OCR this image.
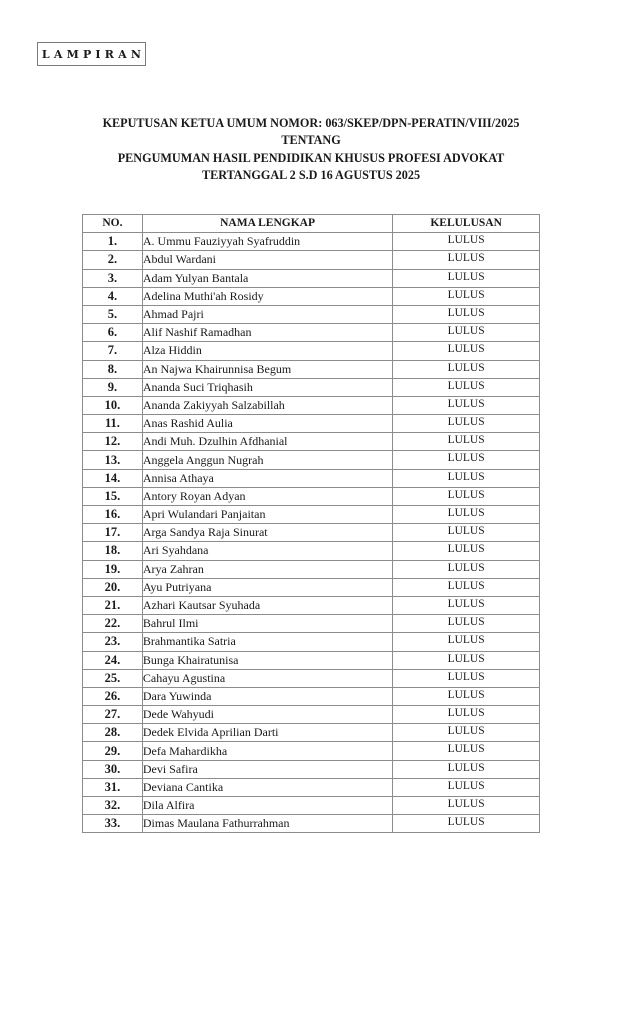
LAMPIRAN
KEPUTUSAN KETUA UMUM NOMOR: 063/SKEP/DPN-PERATIN/VIII/2025
TENTANG
PENGUMUMAN HASIL PENDIDIKAN KHUSUS PROFESI ADVOKAT
TERTANGGAL 2 S.D 16 AGUSTUS 2025
NO.	NAMA LENGKAP	KELULUSAN
1.	A. Ummu Fauziyyah Syafruddin	LULUS
2.	Abdul Wardani	LULUS
3.	Adam Yulyan Bantala	LULUS
4.	Adelina Muthi'ah Rosidy	LULUS
5.	Ahmad Pajri	LULUS
6.	Alif Nashif Ramadhan	LULUS
7.	Alza Hiddin	LULUS
8.	An Najwa Khairunnisa Begum	LULUS
9.	Ananda Suci Triqhasih	LULUS
10.	Ananda Zakiyyah Salzabillah	LULUS
11.	Anas Rashid Aulia	LULUS
12.	Andi Muh. Dzulhin Afdhanial	LULUS
13.	Anggela Anggun Nugrah	LULUS
14.	Annisa Athaya	LULUS
15.	Antory Royan Adyan	LULUS
16.	Apri Wulandari Panjaitan	LULUS
17.	Arga Sandya Raja Sinurat	LULUS
18.	Ari Syahdana	LULUS
19.	Arya Zahran	LULUS
20.	Ayu Putriyana	LULUS
21.	Azhari Kautsar Syuhada	LULUS
22.	Bahrul Ilmi	LULUS
23.	Brahmantika Satria	LULUS
24.	Bunga Khairatunisa	LULUS
25.	Cahayu Agustina	LULUS
26.	Dara Yuwinda	LULUS
27.	Dede Wahyudi	LULUS
28.	Dedek Elvida Aprilian Darti	LULUS
29.	Defa Mahardikha	LULUS
30.	Devi Safira	LULUS
31.	Deviana Cantika	LULUS
32.	Dila Alfira	LULUS
33.	Dimas Maulana Fathurrahman	LULUS
